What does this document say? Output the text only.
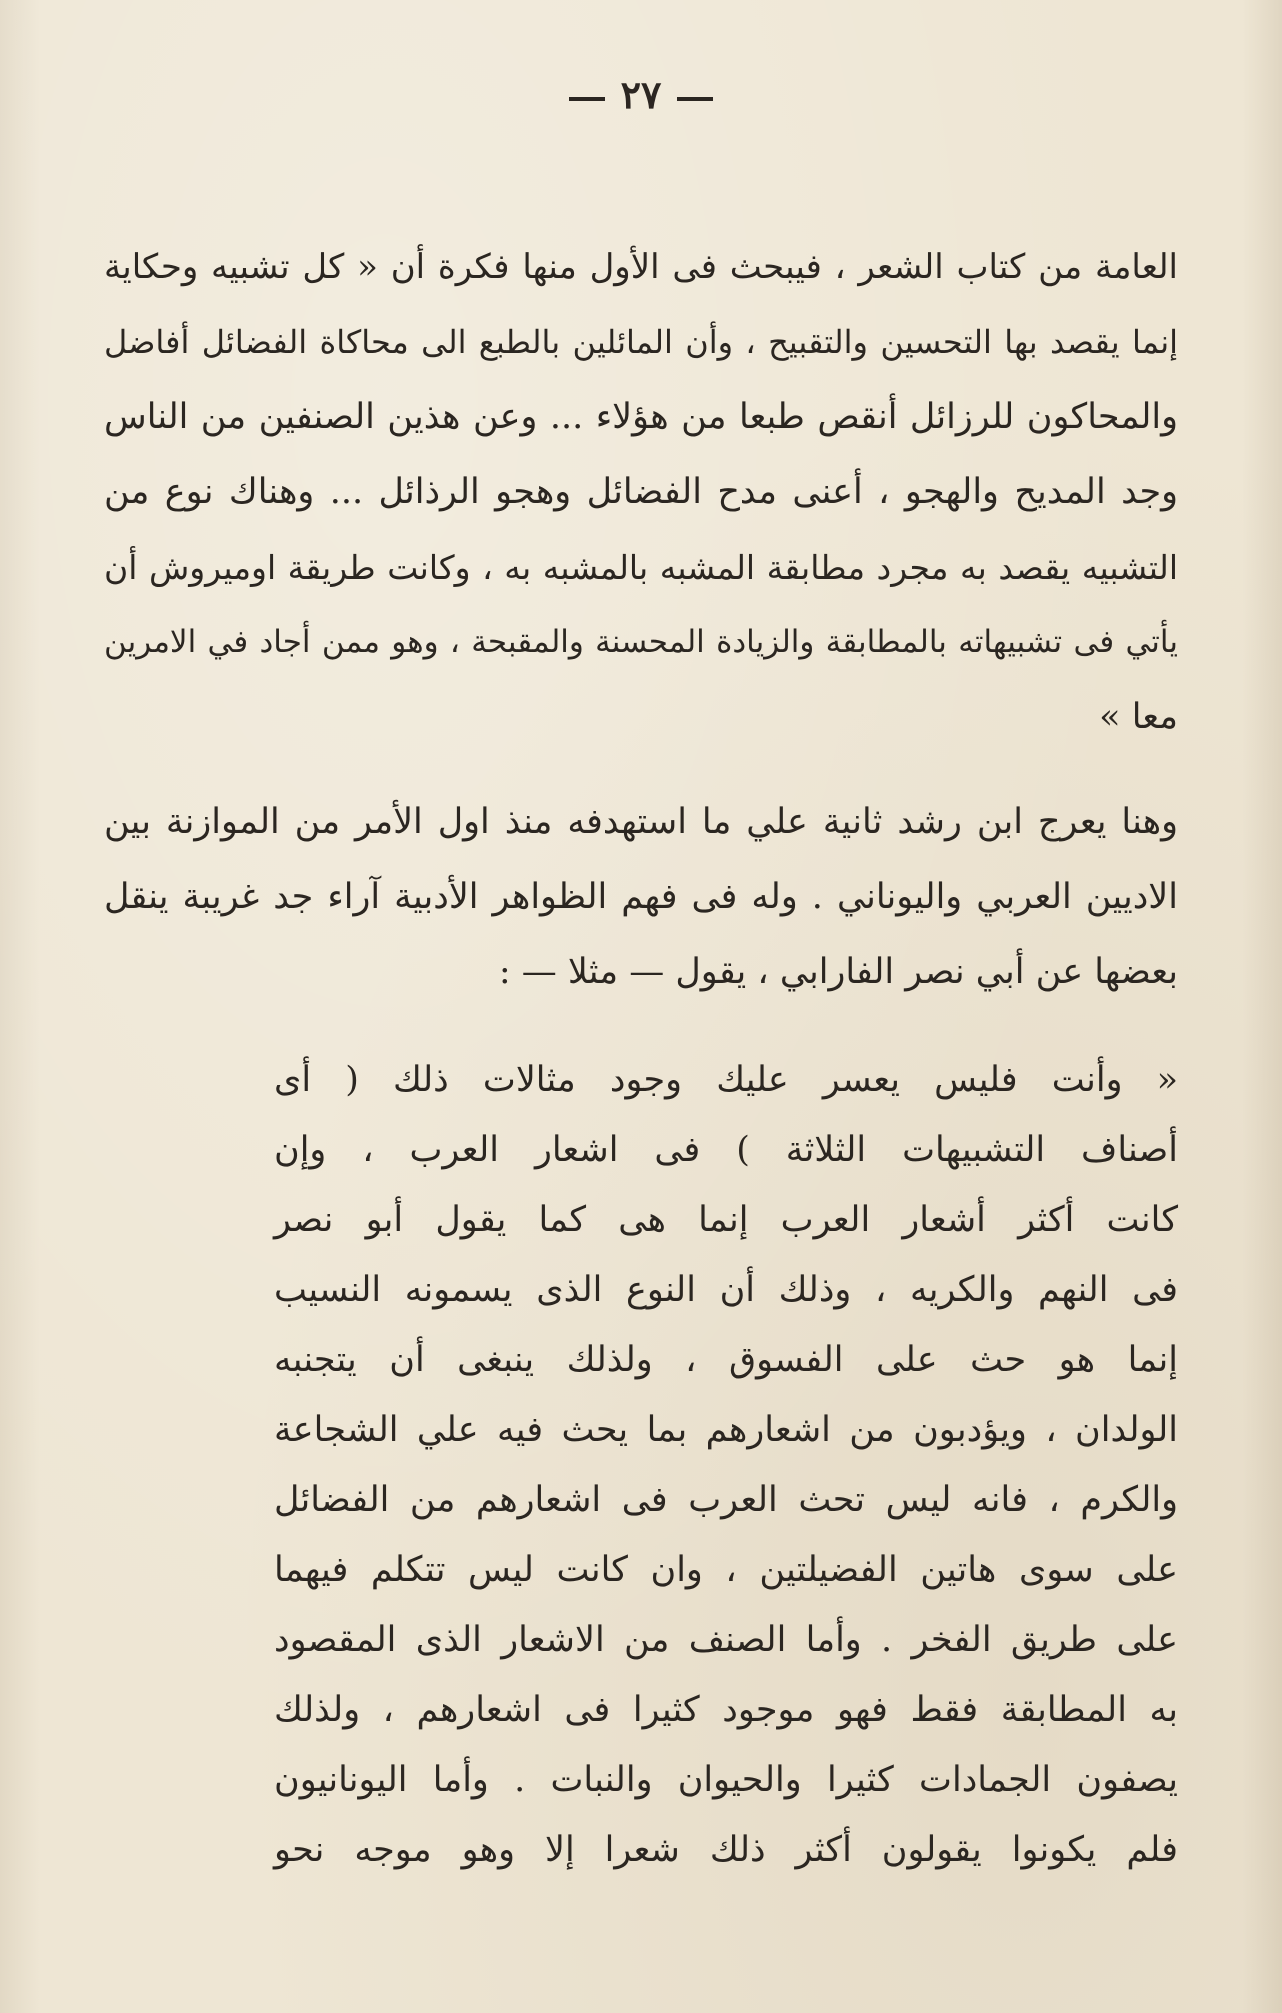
٢٧
العامة من كتاب الشعر ، فيبحث فى الأول منها فكرة أن « كل تشبيه وحكاية
إنما يقصد بها التحسين والتقبيح ، وأن المائلين بالطبع الى محاكاة الفضائل أفاضل
والمحاكون للرزائل أنقص طبعا من هؤلاء ... وعن هذين الصنفين من الناس
وجد المديح والهجو ، أعنى مدح الفضائل وهجو الرذائل ... وهناك نوع من
التشبيه يقصد به مجرد مطابقة المشبه بالمشبه به ، وكانت طريقة اوميروش أن
يأتي فى تشبيهاته بالمطابقة والزيادة المحسنة والمقبحة ، وهو ممن أجاد في الامرين
معا »
وهنا يعرج ابن رشد ثانية علي ما استهدفه منذ اول الأمر من الموازنة بين
الاديين العربي واليوناني . وله فى فهم الظواهر الأدبية آراء جد غريبة ينقل
بعضها عن أبي نصر الفارابي ، يقول — مثلا — :
« وأنت فليس يعسر عليك وجود مثالات ذلك ( أى
أصناف التشبيهات الثلاثة ) فى اشعار العرب ، وإن
كانت أكثر أشعار العرب إنما هى كما يقول أبو نصر
فى النهم والكريه ، وذلك أن النوع الذى يسمونه النسيب
إنما هو حث على الفسوق ، ولذلك ينبغى أن يتجنبه
الولدان ، ويؤدبون من اشعارهم بما يحث فيه علي الشجاعة
والكرم ، فانه ليس تحث العرب فى اشعارهم من الفضائل
على سوى هاتين الفضيلتين ، وان كانت ليس تتكلم فيهما
على طريق الفخر . وأما الصنف من الاشعار الذى المقصود
به المطابقة فقط فهو موجود كثيرا فى اشعارهم ، ولذلك
يصفون الجمادات كثيرا والحيوان والنبات . وأما اليونانيون
فلم يكونوا يقولون أكثر ذلك شعرا إلا وهو موجه نحو
